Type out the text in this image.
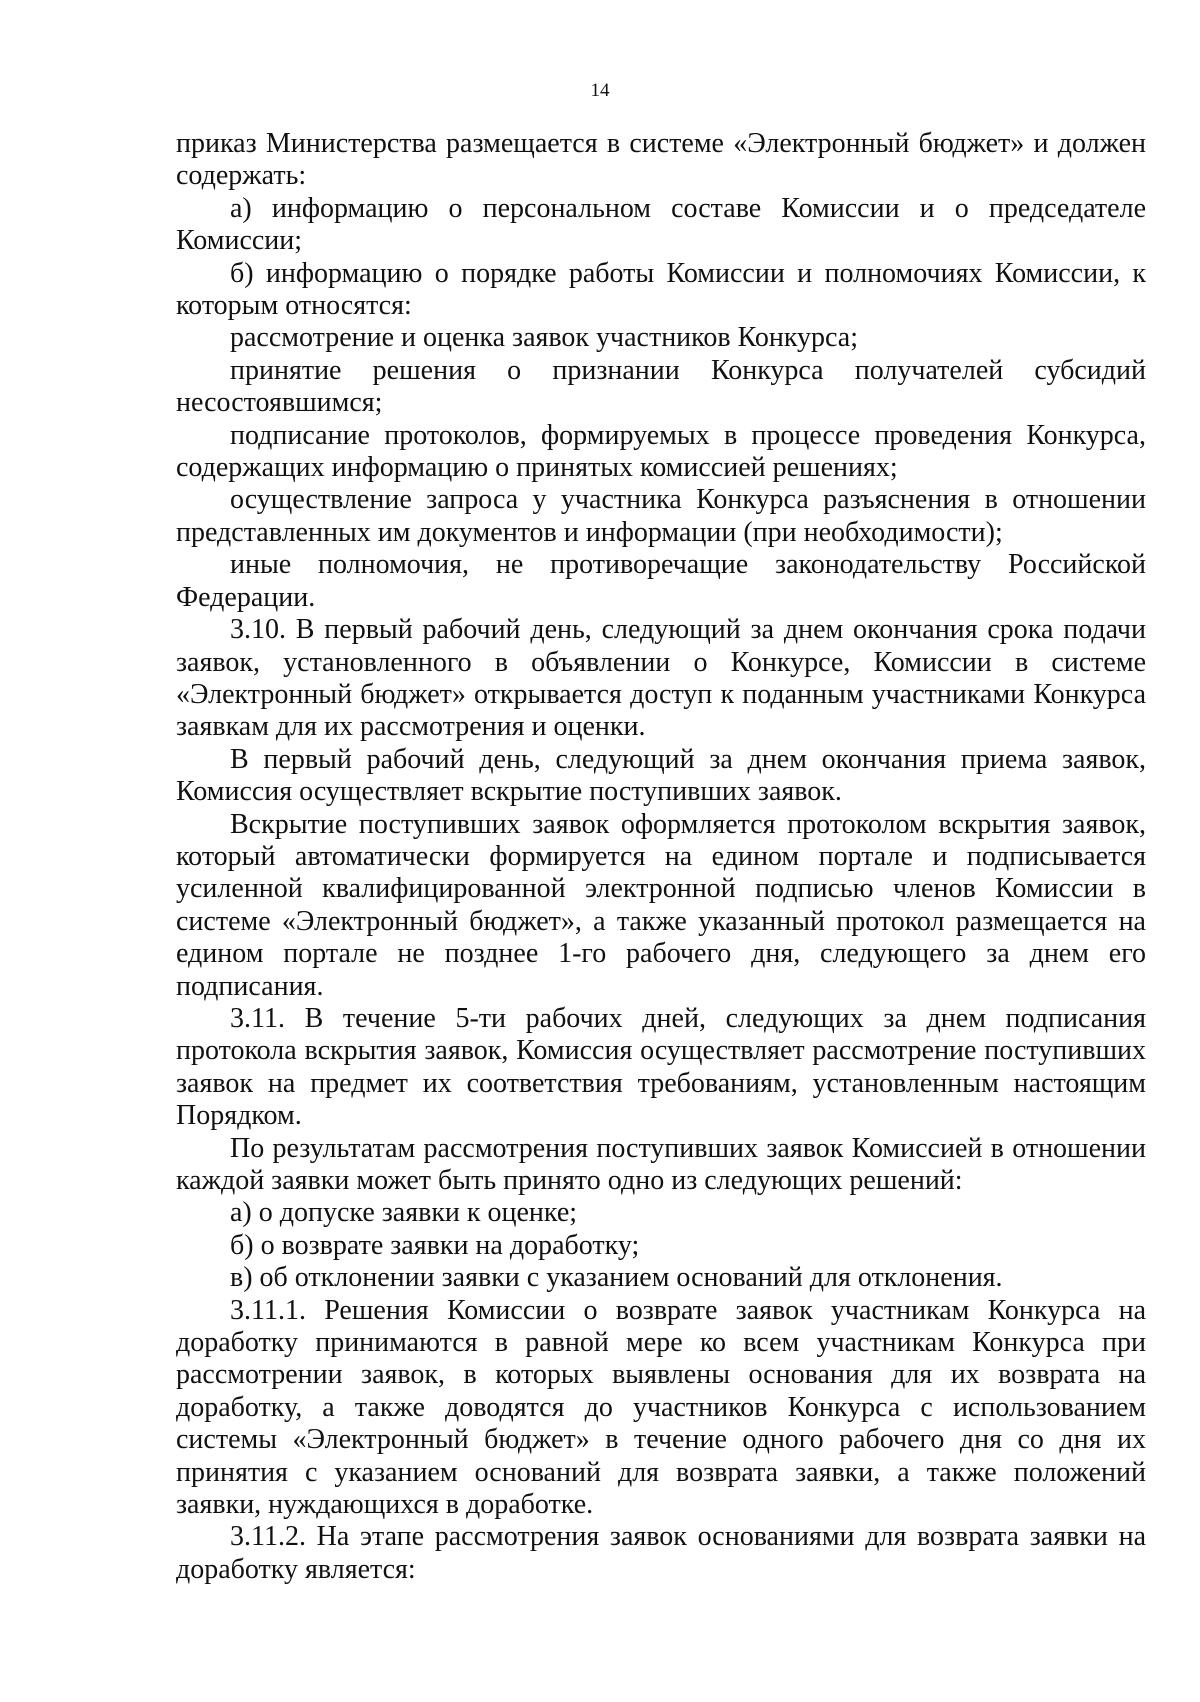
14

приказ Министерства размещается в системе «Электронный бюджет» и должен содержать:

а) информацию о персональном составе Комиссии и о председателе Комиссии;

б) информацию о порядке работы Комиссии и полномочиях Комиссии, к которым относятся:

рассмотрение и оценка заявок участников Конкурса;

принятие решения о признании Конкурса получателей субсидий несостоявшимся;

подписание протоколов, формируемых в процессе проведения Конкурса, содержащих информацию о принятых комиссией решениях;

осуществление запроса у участника Конкурса разъяснения в отношении представленных им документов и информации (при необходимости);

иные полномочия, не противоречащие законодательству Российской Федерации.

3.10. В первый рабочий день, следующий за днем окончания срока подачи заявок, установленного в объявлении о Конкурсе, Комиссии в системе «Электронный бюджет» открывается доступ к поданным участниками Конкурса заявкам для их рассмотрения и оценки.

В первый рабочий день, следующий за днем окончания приема заявок, Комиссия осуществляет вскрытие поступивших заявок.

Вскрытие поступивших заявок оформляется протоколом вскрытия заявок, который автоматически формируется на едином портале и подписывается усиленной квалифицированной электронной подписью членов Комиссии в системе «Электронный бюджет», а также указанный протокол размещается на едином портале не позднее 1-го рабочего дня, следующего за днем его подписания.

3.11. В течение 5-ти рабочих дней, следующих за днем подписания протокола вскрытия заявок, Комиссия осуществляет рассмотрение поступивших заявок на предмет их соответствия требованиям, установленным настоящим Порядком.

По результатам рассмотрения поступивших заявок Комиссией в отношении каждой заявки может быть принято одно из следующих решений:

а) о допуске заявки к оценке;

б) о возврате заявки на доработку;

в) об отклонении заявки с указанием оснований для отклонения.

3.11.1. Решения Комиссии о возврате заявок участникам Конкурса на доработку принимаются в равной мере ко всем участникам Конкурса при рассмотрении заявок, в которых выявлены основания для их возврата на доработку, а также доводятся до участников Конкурса с использованием системы «Электронный бюджет» в течение одного рабочего дня со дня их принятия с указанием оснований для возврата заявки, а также положений заявки, нуждающихся в доработке.

3.11.2. На этапе рассмотрения заявок основаниями для возврата заявки на доработку является:
